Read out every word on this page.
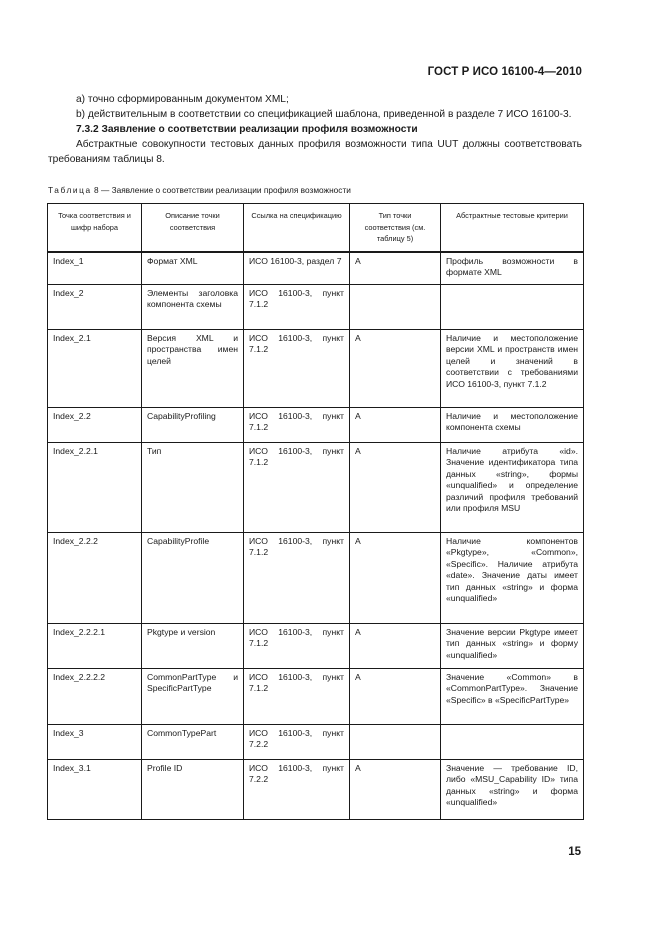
ГОСТ Р ИСО 16100-4—2010

а) точно сформированным документом XML;

b) действительным в соответствии со спецификацией шаблона, приведенной в разделе 7 ИСО 16100-3.

7.3.2 Заявление о соответствии реализации профиля возможности

Абстрактные совокупности тестовых данных профиля возможности типа UUT должны соответствовать требованиям таблицы 8.

Таблица 8 — Заявление о соответствии реализации профиля возможности
Точка соответствия и шифр набора	Описание точки соответствия	Ссылка на спецификацию	Тип точки соответствия (см. таблицу 5)	Абстрактные тестовые критерии
Index_1	Формат XML	ИСО 16100-3, раздел 7	А	Профиль возможности в формате XML
Index_2	Элементы заголовка компонента схемы	ИСО 16100-3, пункт 7.1.2		
Index_2.1	Версия XML и пространства имен целей	ИСО 16100-3, пункт 7.1.2	А	Наличие и местоположение версии XML и пространств имен целей и значений в соответствии с требованиями ИСО 16100-3, пункт 7.1.2
Index_2.2	CapabilityProfiling	ИСО 16100-3, пункт 7.1.2	А	Наличие и местоположение компонента схемы
Index_2.2.1	Тип	ИСО 16100-3, пункт 7.1.2	А	Наличие атрибута «id». Значение идентификатора типа данных «string», формы «unqualified» и определение различий профиля требований или профиля MSU
Index_2.2.2	CapabilityProfile	ИСО 16100-3, пункт 7.1.2	А	Наличие компонентов «Pkgtype», «Common», «Specific». Наличие атрибута «date». Значение даты имеет тип данных «string» и форма «unqualified»
Index_2.2.2.1	Pkgtype и version	ИСО 16100-3, пункт 7.1.2	А	Значение версии Pkgtype имеет тип данных «string» и форму «unqualified»
Index_2.2.2.2	CommonPartType и SpecificPartType	ИСО 16100-3, пункт 7.1.2	А	Значение «Common» в «CommonPartType». Значение «Specific» в «SpecificPartType»
Index_3	CommonTypePart	ИСО 16100-3, пункт 7.2.2		
Index_3.1	Profile ID	ИСО 16100-3, пункт 7.2.2	А	Значение — требование ID, либо «MSU_Capability ID» типа данных «string» и форма «unqualified»
15
